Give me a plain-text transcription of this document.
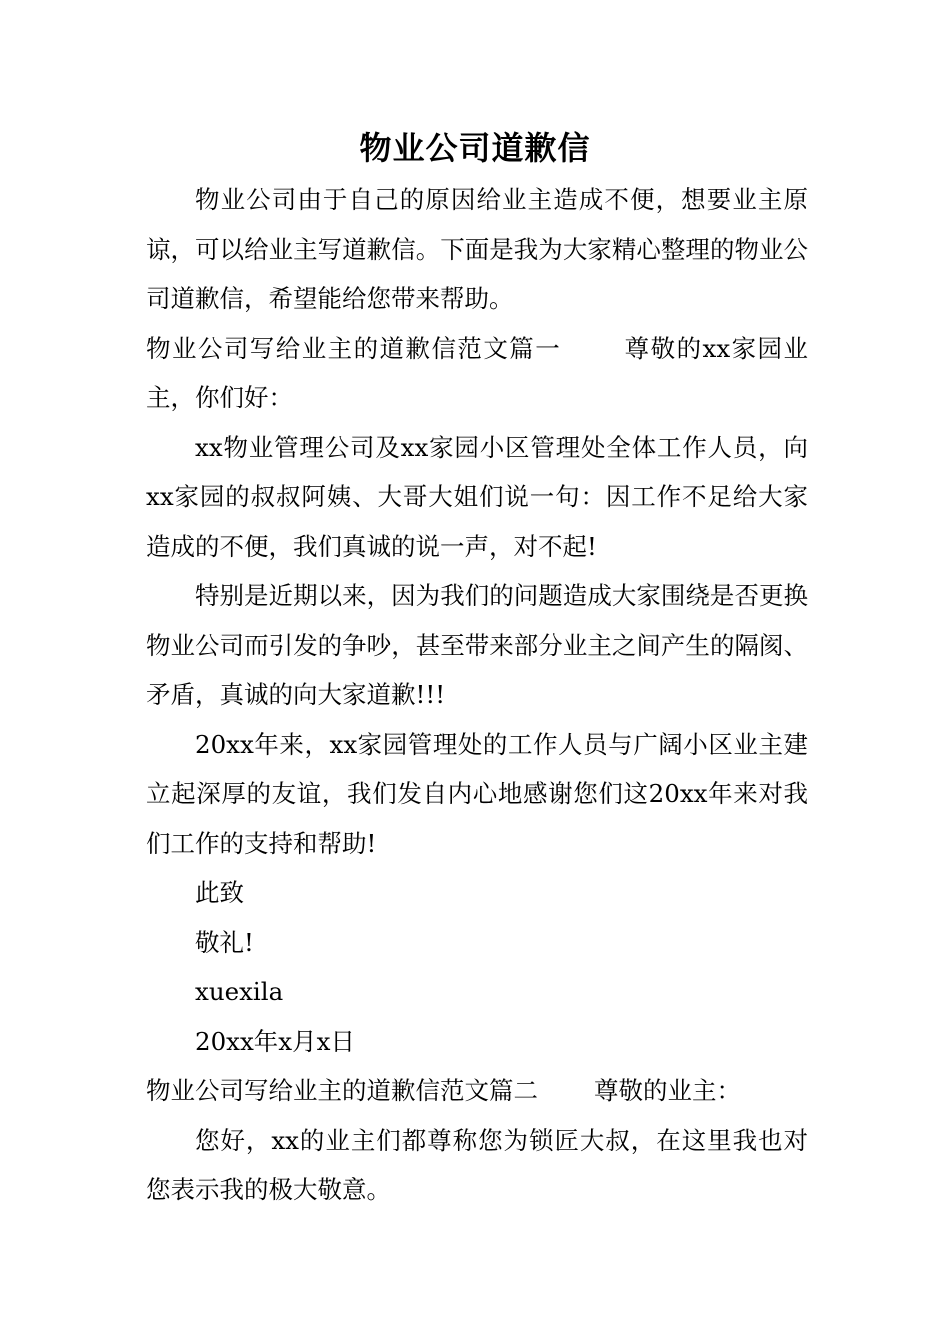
物业公司道歉信

物业公司由于自己的原因给业主造成不便，想要业主原谅，可以给业主写道歉信。下面是我为大家精心整理的物业公司道歉信，希望能给您带来帮助。

物业公司写给业主的道歉信范文篇一	尊敬的xx家园业主，你们好：

xx物业管理公司及xx家园小区管理处全体工作人员，向xx家园的叔叔阿姨、大哥大姐们说一句：因工作不足给大家造成的不便，我们真诚的说一声，对不起!

特别是近期以来，因为我们的问题造成大家围绕是否更换物业公司而引发的争吵，甚至带来部分业主之间产生的隔阂、矛盾，真诚的向大家道歉!!!

20xx年来，xx家园管理处的工作人员与广阔小区业主建立起深厚的友谊，我们发自内心地感谢您们这20xx年来对我们工作的支持和帮助!

此致

敬礼!

xuexila

20xx年x月x日

物业公司写给业主的道歉信范文篇二 尊敬的业主：

您好，xx的业主们都尊称您为锁匠大叔，在这里我也对您表示我的极大敬意。
